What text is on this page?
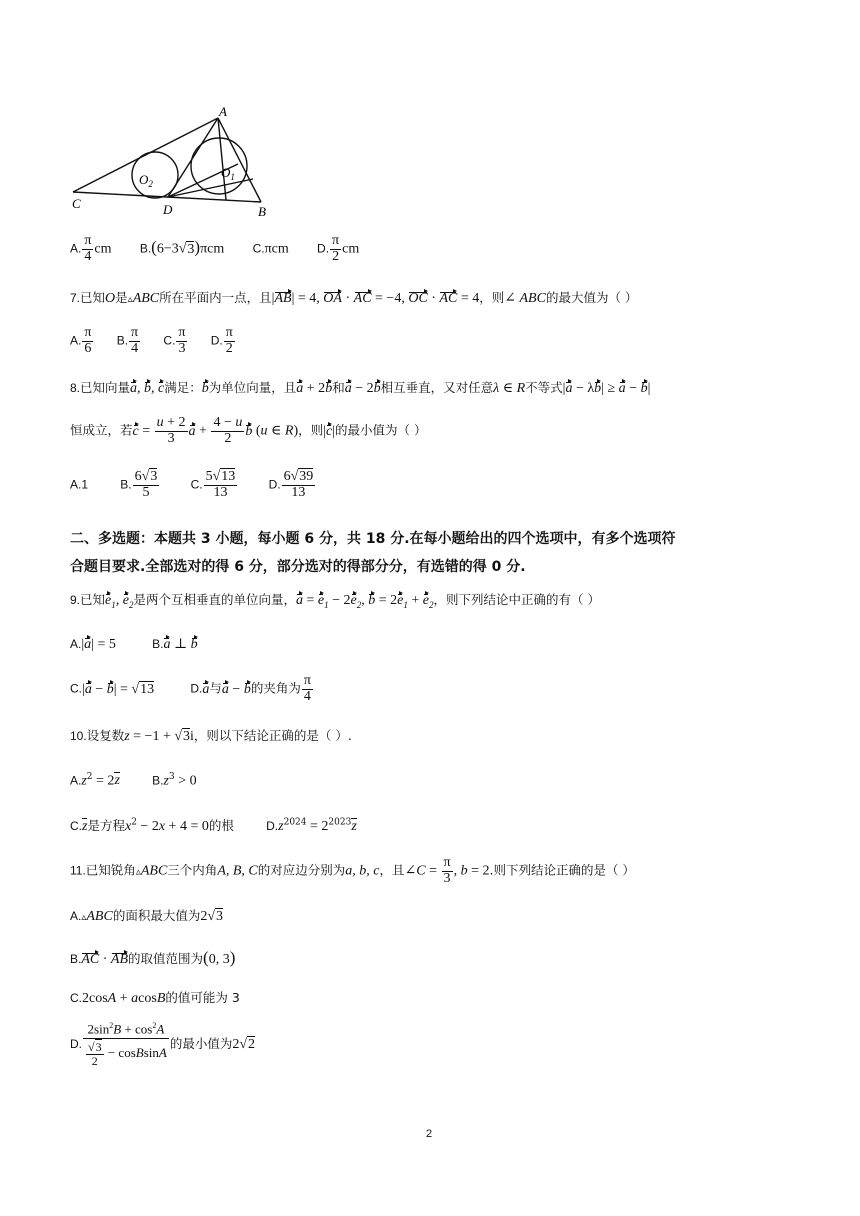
A
C	D	B
$O_2$
$O_1$
A. $\frac{\pi}{4}$ cm B.(6−3√3)πcm C.πcm D. $\frac{\pi}{2}$ cm
7.已知O是▵ABC所在平面内一点，且|AB| = 4, OA · AC = −4, OC · AC = 4，则∠ ABC的最大值为（ ）
A. $\frac{\pi}{6} B$. $\frac{\pi}{4} C$. $\frac{\pi}{3} D$. $\frac{\pi}{2}$
8.已知向量a, b, c满足：b为单位向量，且a + 2b和a − 2b相互垂直，又对任意λ ∈ R不等式|a − λb| ≥ a − b|
恒成立，若$c = \frac{u + 2}{3}$ $a + \frac{4 - u}{2}$ b (u ∈ R)，则|c|的最小值为（ ）
A.1	B. $\frac{6√3}{5}$	C. $\frac{5√13}{13}$	D. $\frac{6√39}{13}$
二、多选题：本题共 3 小题，每小题 6 分，共 18 分.在每小题给出的四个选项中，有多个选项符
合题目要求.全部选对的得 6 分，部分选对的得部分分，有选错的得 0 分.
9.已知$e_1$, $e_2$是两个互相垂直的单位向量，$a = e_1 - 2e_2$, $b = 2e_1 + e_2$，则下列结论中正确的有（ ）
A.|a| = 5	B.a ⊥ b
C.|a − b| = √13	D.a与a − b的夹角为 $\frac{\pi}{4}$
10.设复数z = −1 + √3i，则以下结论正确的是（ ）.
$A.z^2 = 2z$	$B.z^3 > 0$
C.z是方程$x^2 - 2x + 4 = 0$的根	$D.z^{2024} = 2^{2023}z$
11.已知锐角▵ABC三个内角A, B, C的对应边分别为a, b, c，且∠C = $\frac{\pi}{3}$ , b = 2.则下列结论正确的是（ ）
A.▵ABC的面积最大值为2√3
B.AC · AB的取值范围为(0, 3)
C.2cosA + acosB的值可能为 3
D. $\frac{2\sin^2B + \cos^2A}{\frac{√3}{2} - cosBsinA}$ 的最小值为2√2
2
